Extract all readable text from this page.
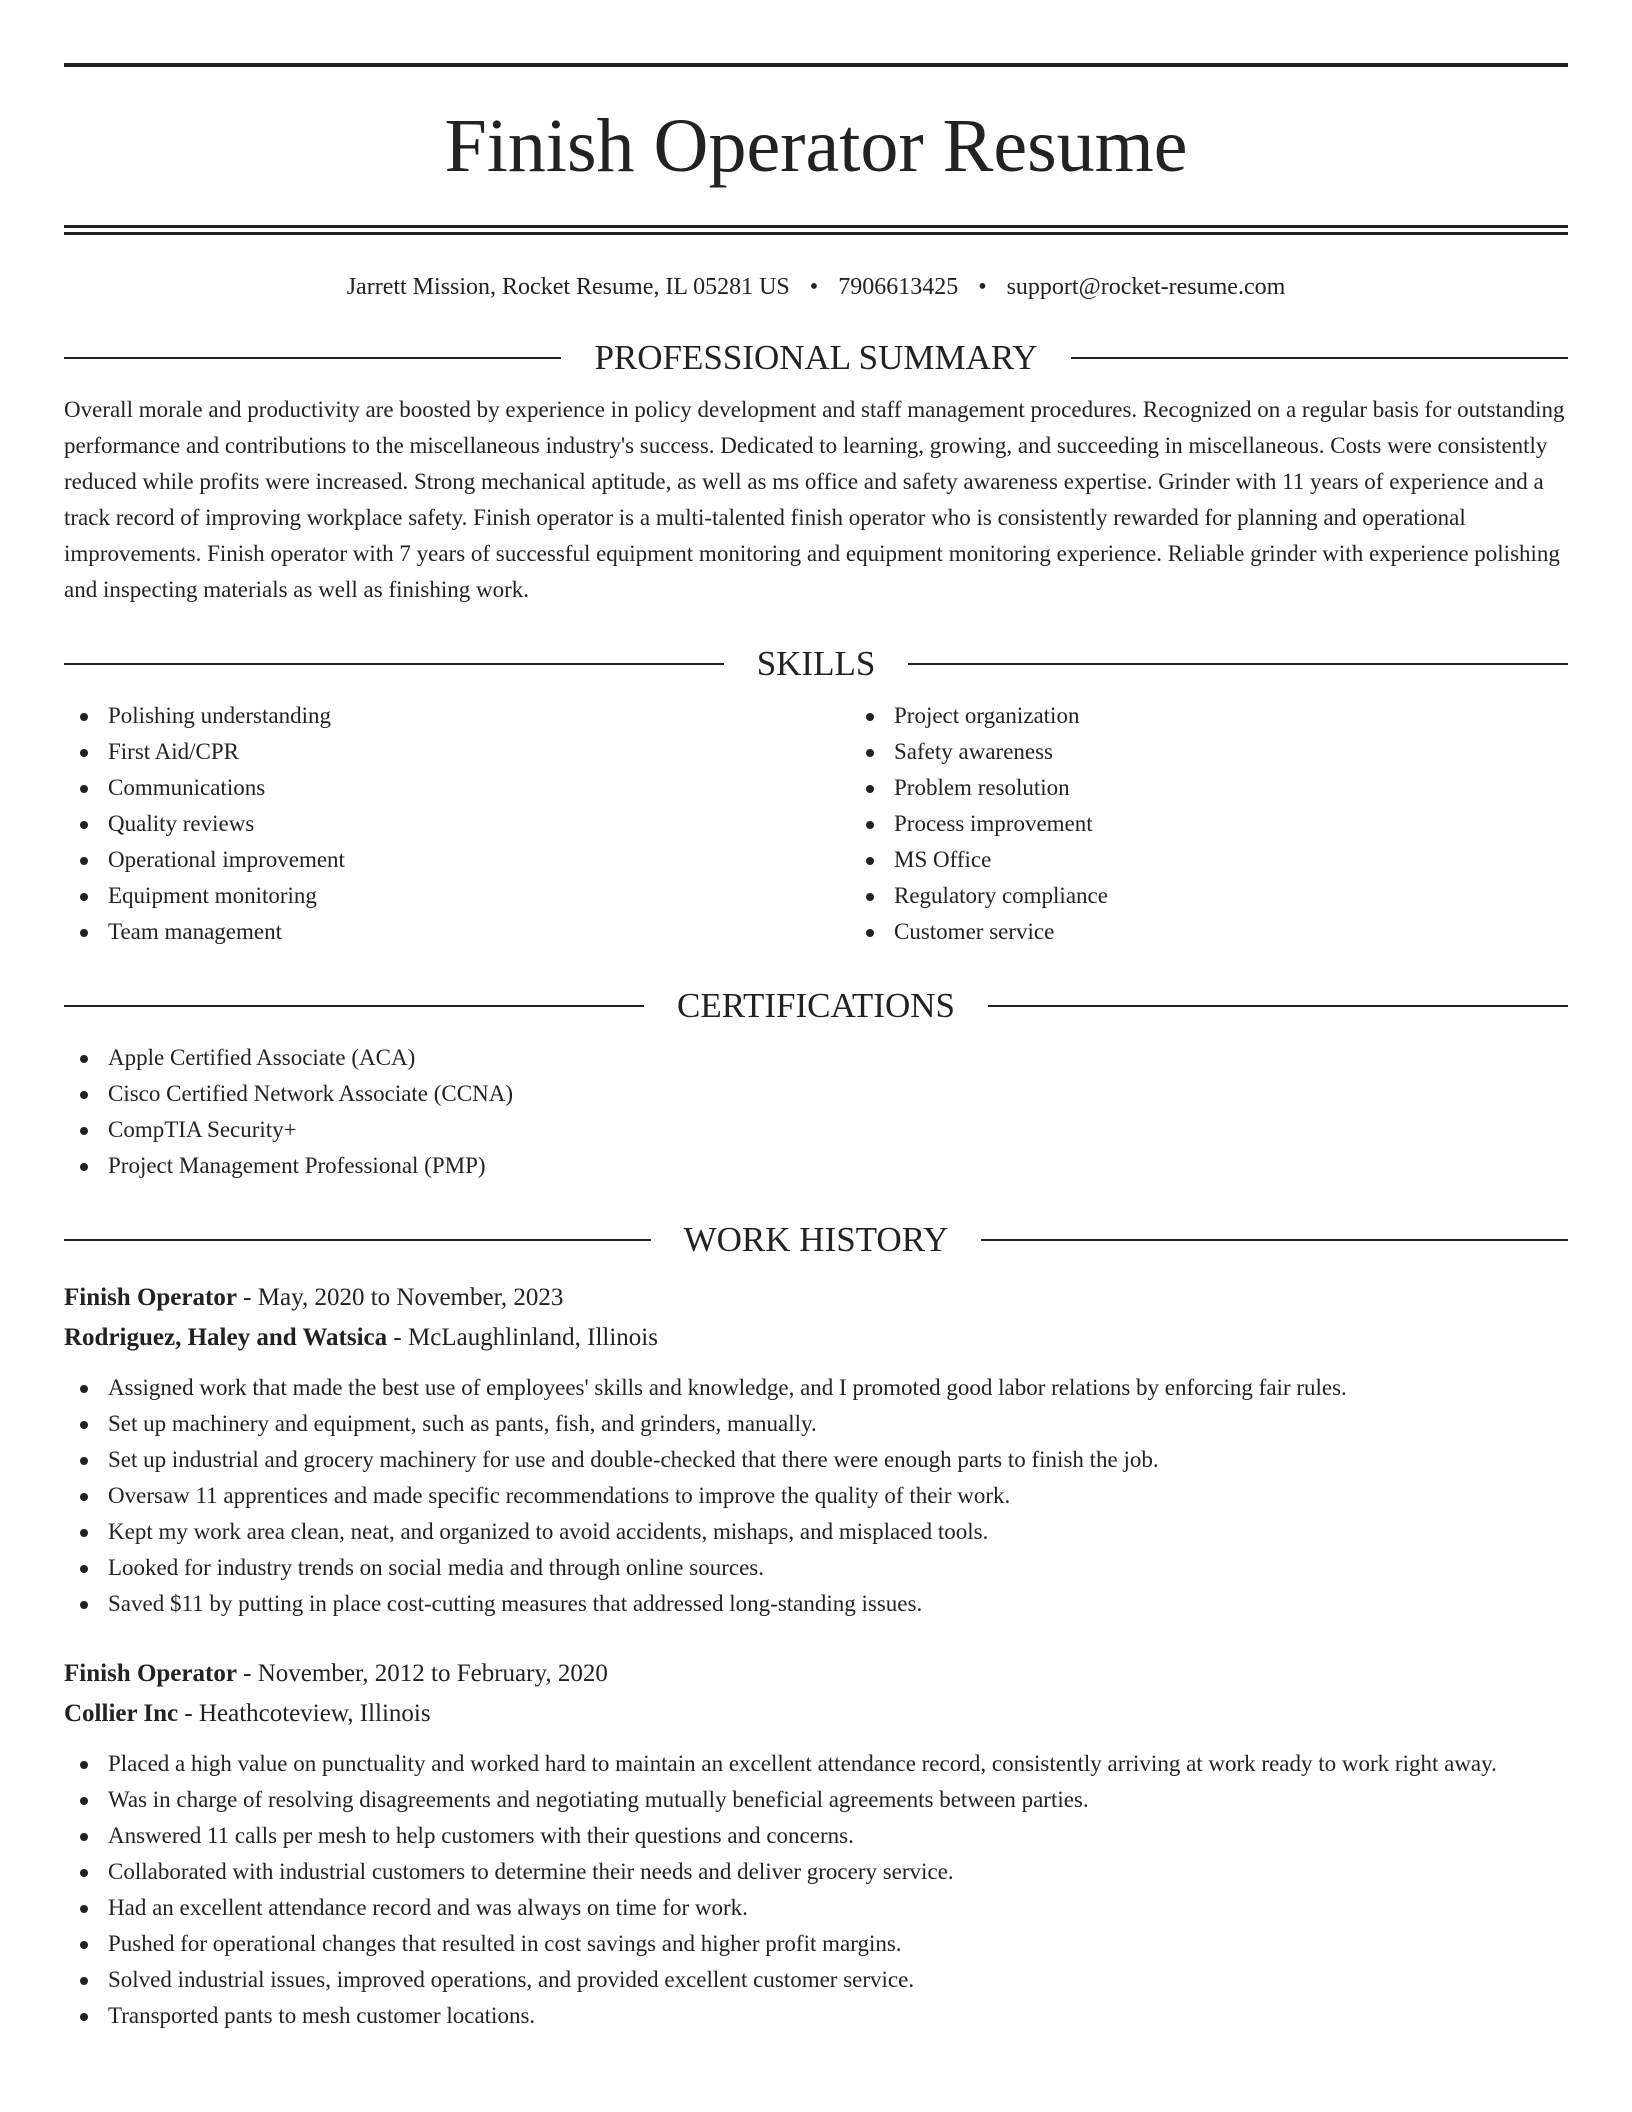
Finish Operator Resume
Jarrett Mission, Rocket Resume, IL 05281 US • 7906613425 • support@rocket-resume.com
PROFESSIONAL SUMMARY

Overall morale and productivity are boosted by experience in policy development and staff management procedures. Recognized on a regular basis for outstanding performance and contributions to the miscellaneous industry's success. Dedicated to learning, growing, and succeeding in miscellaneous. Costs were consistently reduced while profits were increased. Strong mechanical aptitude, as well as ms office and safety awareness expertise. Grinder with 11 years of experience and a track record of improving workplace safety. Finish operator is a multi-talented finish operator who is consistently rewarded for planning and operational improvements. Finish operator with 7 years of successful equipment monitoring and equipment monitoring experience. Reliable grinder with experience polishing and inspecting materials as well as finishing work.

SKILLS
Polishing understanding
First Aid/CPR
Communications
Quality reviews
Operational improvement
Equipment monitoring
Team management
Project organization
Safety awareness
Problem resolution
Process improvement
MS Office
Regulatory compliance
Customer service
CERTIFICATIONS
Apple Certified Associate (ACA)
Cisco Certified Network Associate (CCNA)
CompTIA Security+
Project Management Professional (PMP)
WORK HISTORY
Finish Operator - May, 2020 to November, 2023
Rodriguez, Haley and Watsica - McLaughlinland, Illinois
Assigned work that made the best use of employees' skills and knowledge, and I promoted good labor relations by enforcing fair rules.
Set up machinery and equipment, such as pants, fish, and grinders, manually.
Set up industrial and grocery machinery for use and double-checked that there were enough parts to finish the job.
Oversaw 11 apprentices and made specific recommendations to improve the quality of their work.
Kept my work area clean, neat, and organized to avoid accidents, mishaps, and misplaced tools.
Looked for industry trends on social media and through online sources.
Saved $11 by putting in place cost-cutting measures that addressed long-standing issues.
Finish Operator - November, 2012 to February, 2020
Collier Inc - Heathcoteview, Illinois
Placed a high value on punctuality and worked hard to maintain an excellent attendance record, consistently arriving at work ready to work right away.
Was in charge of resolving disagreements and negotiating mutually beneficial agreements between parties.
Answered 11 calls per mesh to help customers with their questions and concerns.
Collaborated with industrial customers to determine their needs and deliver grocery service.
Had an excellent attendance record and was always on time for work.
Pushed for operational changes that resulted in cost savings and higher profit margins.
Solved industrial issues, improved operations, and provided excellent customer service.
Transported pants to mesh customer locations.
